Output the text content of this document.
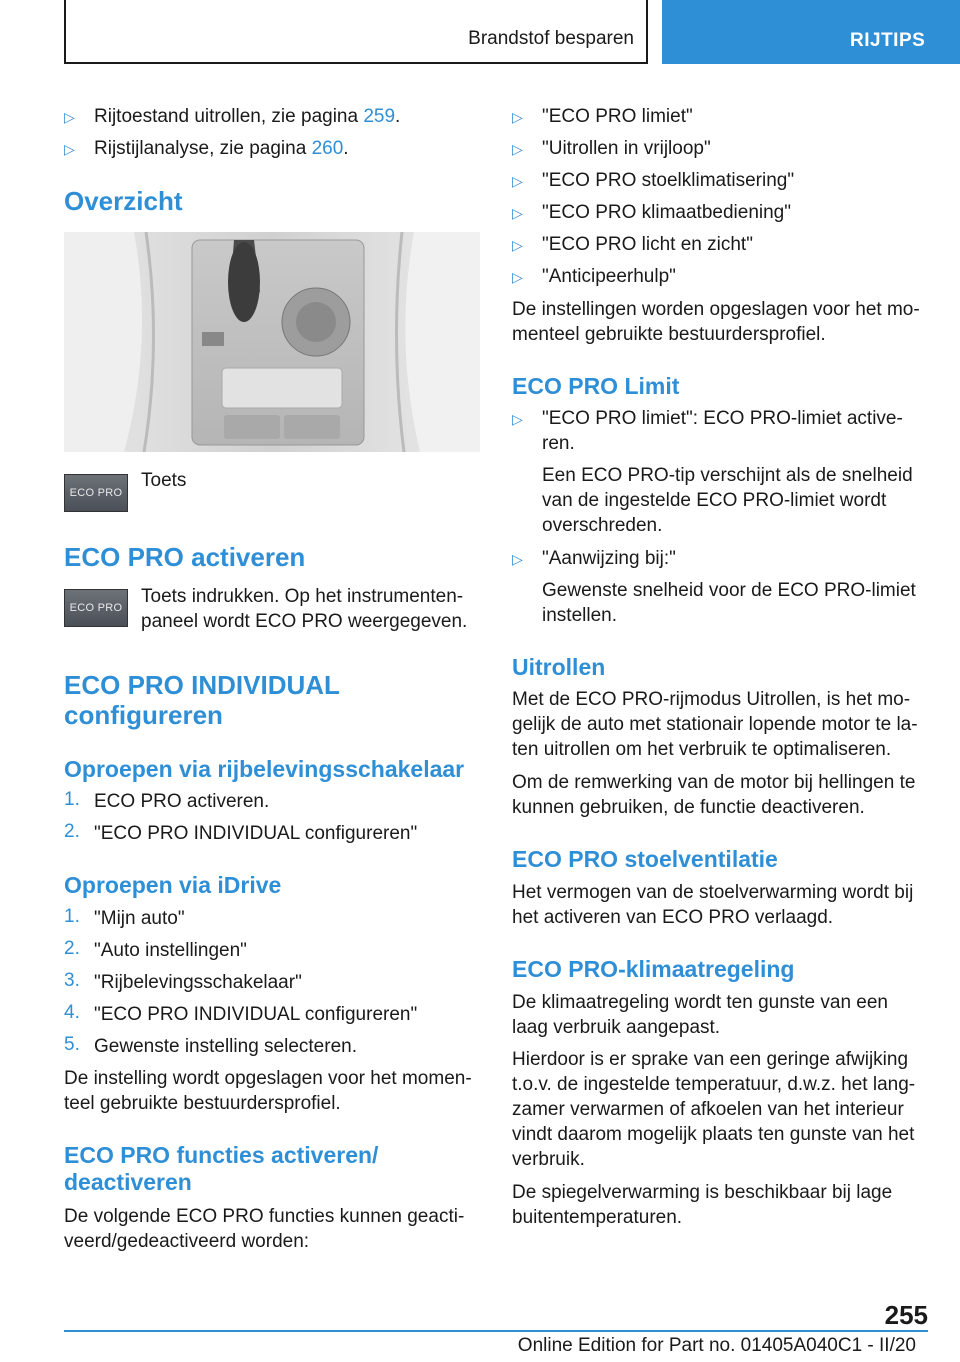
Brandstof besparen	RIJTIPS
▷ Rijtoestand uitrollen, zie pagina 259.
▷ Rijstijlanalyse, zie pagina 260.
Overzicht
ECO PRO
Toets
ECO PRO activeren
ECO PRO
Toets indrukken. Op het instrumenten-
paneel wordt ECO PRO weergegeven.
ECO PRO INDIVIDUAL
configureren
Oproepen via rijbelevingsschakelaar
1. ECO PRO activeren.
2. "ECO PRO INDIVIDUAL configureren"
Oproepen via iDrive
1. "Mijn auto"
2. "Auto instellingen"
3. "Rijbelevingsschakelaar"
4. "ECO PRO INDIVIDUAL configureren"
5. Gewenste instelling selecteren.
De instelling wordt opgeslagen voor het momen-
teel gebruikte bestuurdersprofiel.
ECO PRO functies activeren/
deactiveren
De volgende ECO PRO functies kunnen geacti-
veerd/gedeactiveerd worden:
▷ "ECO PRO limiet"
▷ "Uitrollen in vrijloop"
▷ "ECO PRO stoelklimatisering"
▷ "ECO PRO klimaatbediening"
▷ "ECO PRO licht en zicht"
▷ "Anticipeerhulp"
De instellingen worden opgeslagen voor het mo-
menteel gebruikte bestuurdersprofiel.
ECO PRO Limit
▷ "ECO PRO limiet": ECO PRO-limiet active-
ren.
Een ECO PRO-tip verschijnt als de snelheid
van de ingestelde ECO PRO-limiet wordt
overschreden.
▷ "Aanwijzing bij:"
Gewenste snelheid voor de ECO PRO-limiet
instellen.
Uitrollen
Met de ECO PRO-rijmodus Uitrollen, is het mo-
gelijk de auto met stationair lopende motor te la-
ten uitrollen om het verbruik te optimaliseren.
Om de remwerking van de motor bij hellingen te
kunnen gebruiken, de functie deactiveren.
ECO PRO stoelventilatie
Het vermogen van de stoelverwarming wordt bij
het activeren van ECO PRO verlaagd.
ECO PRO-klimaatregeling
De klimaatregeling wordt ten gunste van een
laag verbruik aangepast.
Hierdoor is er sprake van een geringe afwijking
t.o.v. de ingestelde temperatuur, d.w.z. het lang-
zamer verwarmen of afkoelen van het interieur
vindt daarom mogelijk plaats ten gunste van het
verbruik.
De spiegelverwarming is beschikbaar bij lage
buitentemperaturen.
255
Online Edition for Part no. 01405A040C1 - II/20
